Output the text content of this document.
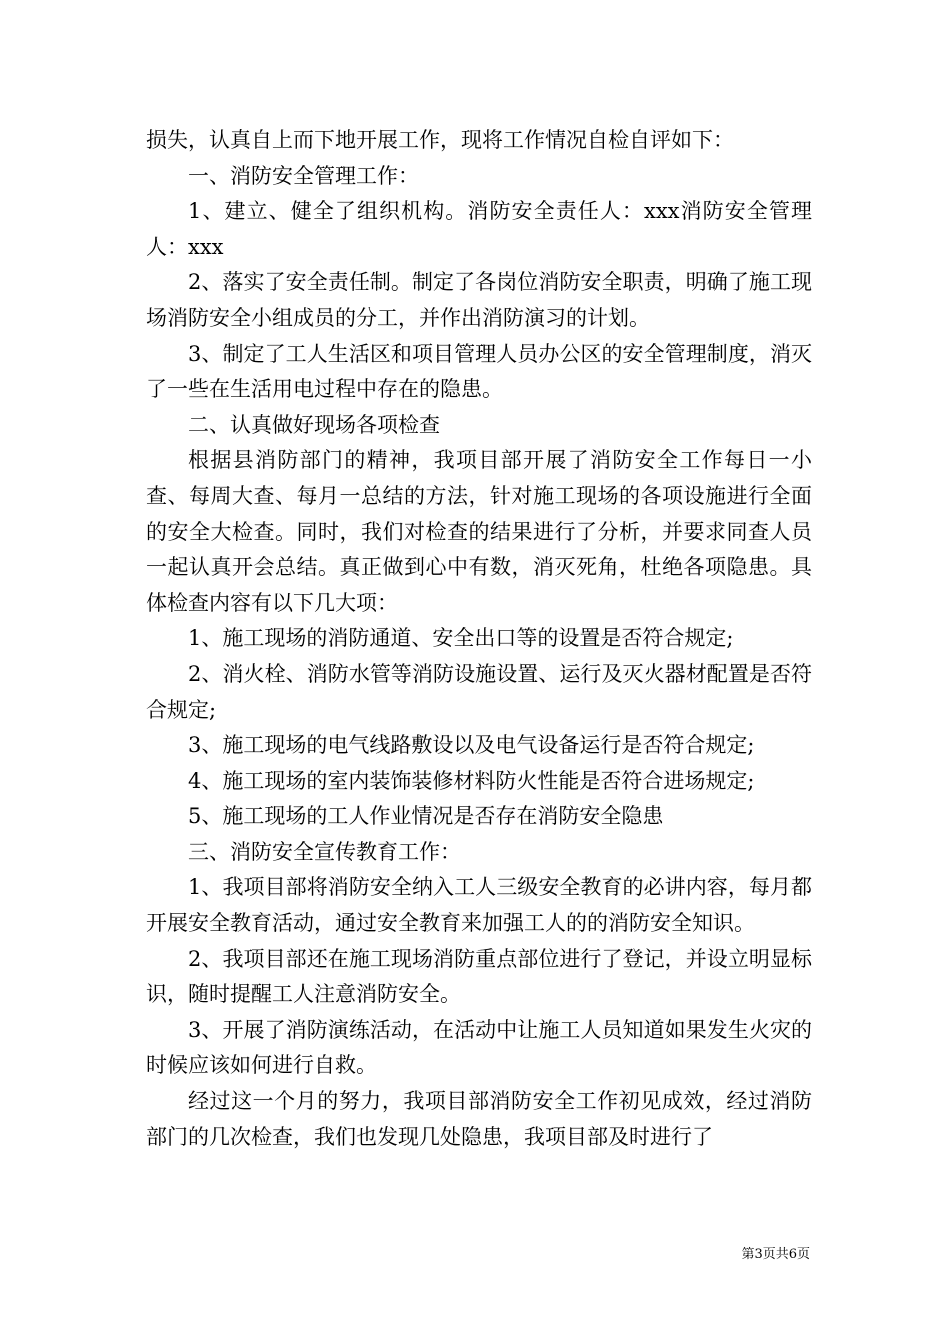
损失，认真自上而下地开展工作，现将工作情况自检自评如下：

一、消防安全管理工作：

1、建立、健全了组织机构。消防安全责任人：xxx消防安全管理人：xxx

2、落实了安全责任制。制定了各岗位消防安全职责，明确了施工现场消防安全小组成员的分工，并作出消防演习的计划。

3、制定了工人生活区和项目管理人员办公区的安全管理制度，消灭了一些在生活用电过程中存在的隐患。

二、认真做好现场各项检查

根据县消防部门的精神，我项目部开展了消防安全工作每日一小查、每周大查、每月一总结的方法，针对施工现场的各项设施进行全面的安全大检查。同时，我们对检查的结果进行了分析，并要求同查人员一起认真开会总结。真正做到心中有数，消灭死角，杜绝各项隐患。具体检查内容有以下几大项：

1、施工现场的消防通道、安全出口等的设置是否符合规定;

2、消火栓、消防水管等消防设施设置、运行及灭火器材配置是否符合规定;

3、施工现场的电气线路敷设以及电气设备运行是否符合规定;

4、施工现场的室内装饰装修材料防火性能是否符合进场规定;

5、施工现场的工人作业情况是否存在消防安全隐患

三、消防安全宣传教育工作：

1、我项目部将消防安全纳入工人三级安全教育的必讲内容，每月都开展安全教育活动，通过安全教育来加强工人的的消防安全知识。

2、我项目部还在施工现场消防重点部位进行了登记，并设立明显标识，随时提醒工人注意消防安全。

3、开展了消防演练活动，在活动中让施工人员知道如果发生火灾的时候应该如何进行自救。

经过这一个月的努力，我项目部消防安全工作初见成效，经过消防部门的几次检查，我们也发现几处隐患，我项目部及时进行了

第3页共6页
